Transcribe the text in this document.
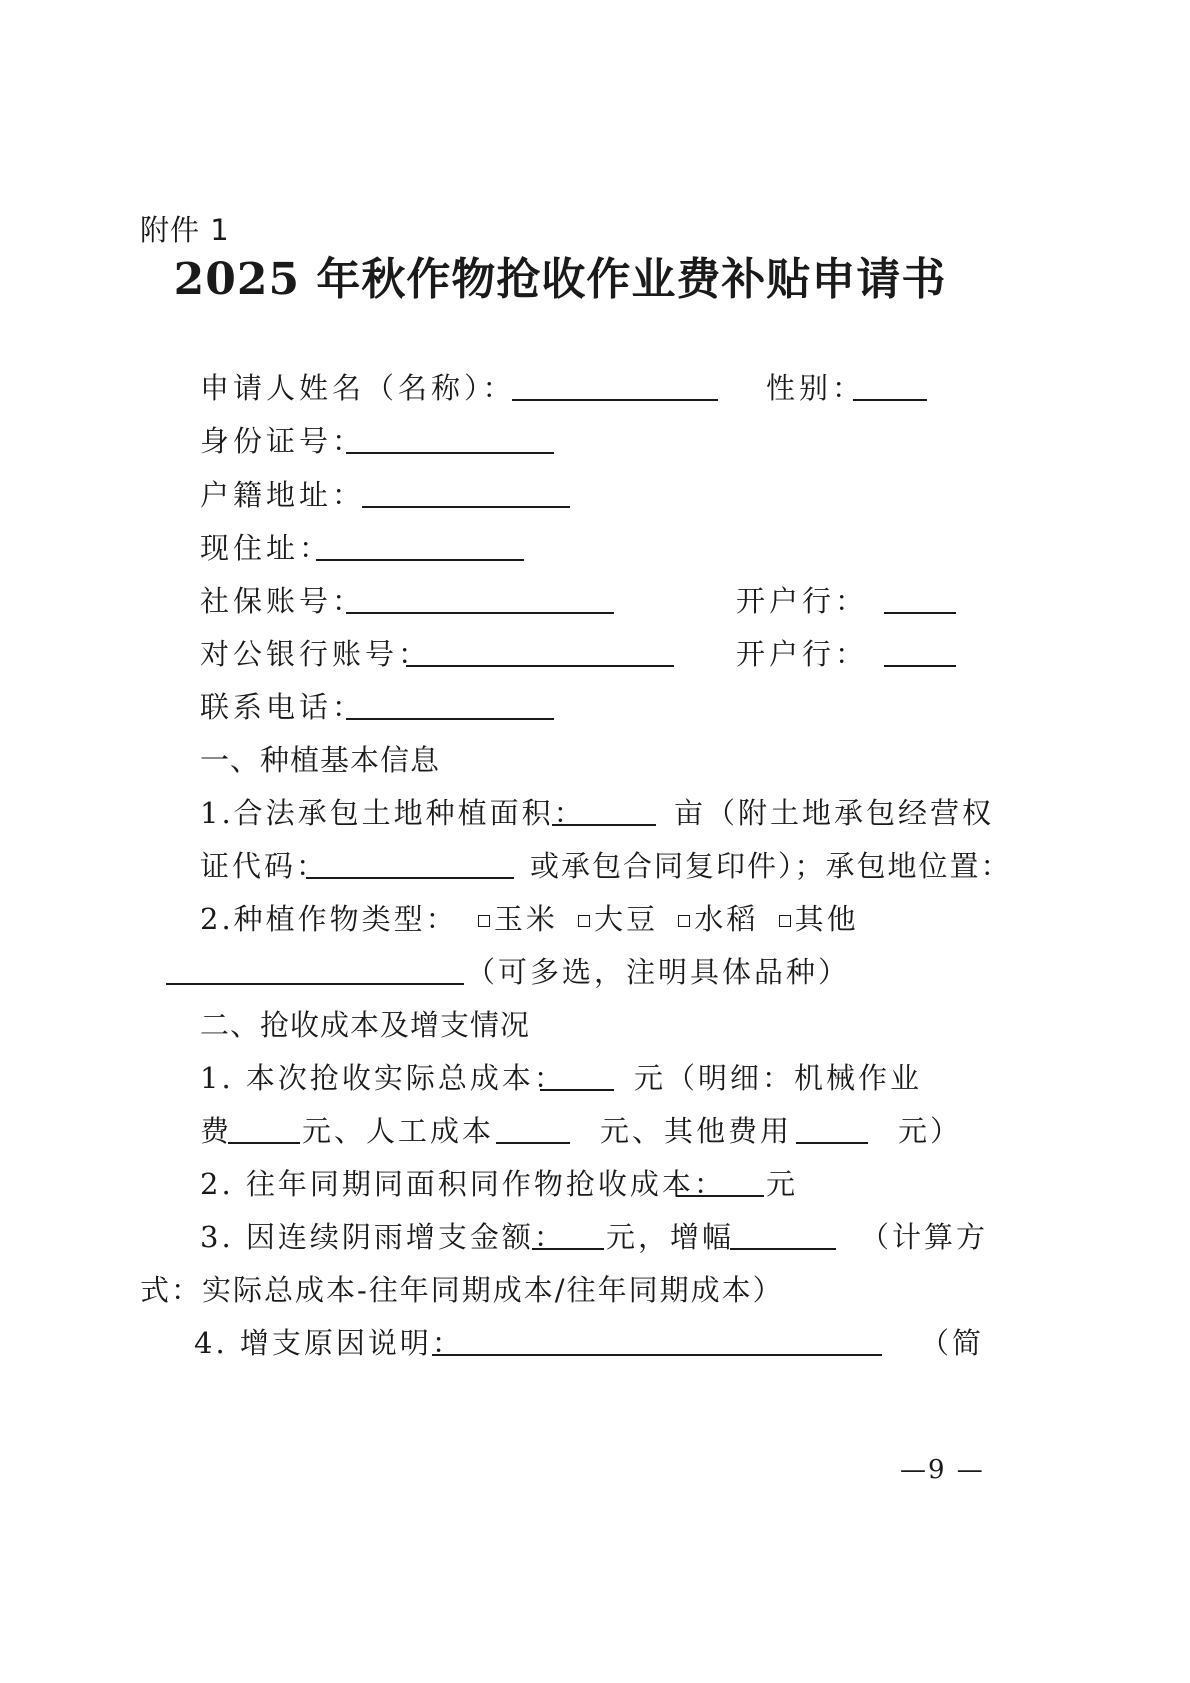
附件 1
2025 年秋作物抢收作业费补贴申请书
申请人姓名（名称）：	性别：
身份证号：
户籍地址：
现住址：
社保账号：	开户行：
对公银行账号：	开户行：
联系电话：
一、种植基本信息
1.合法承包土地种植面积：	亩（附土地承包经营权
证代码：	或承包合同复印件）；承包地位置：
2.种植作物类型： 玉米 大豆 水稻 其他
（可多选，注明具体品种）
二、抢收成本及增支情况
1. 本次抢收实际总成本： 元（明细：机械作业
费 元、人工成本	元、其他费用	元）
2. 往年同期同面积同作物抢收成本： 元
3. 因连续阴雨增支金额： 元，增幅	（计算方
式：实际总成本-往年同期成本/往年同期成本）
4. 增支原因说明：	（简
—9 —
